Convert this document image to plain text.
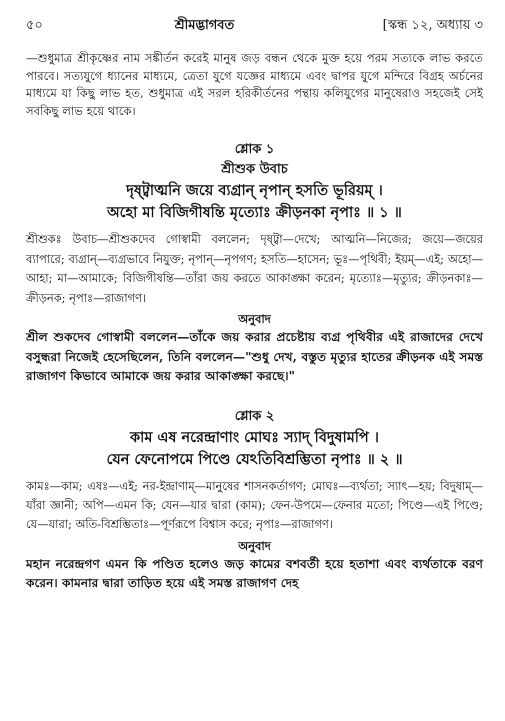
৫০	শ্রীমদ্ভাগবত	[স্কন্ধ ১২, অধ্যায় ৩

—শুধুমাত্র শ্রীকৃষ্ণের নাম সঙ্কীর্তন করেই মানুষ জড় বন্ধন থেকে মুক্ত হয়ে পরম সত্যকে লাভ করতে পারবে। সত্যযুগে ধ্যানের মাধ্যমে, ত্রেতা যুগে যজ্ঞের মাধ্যমে এবং দ্বাপর যুগে মন্দিরে বিগ্রহ অর্চনের মাধ্যমে যা কিছু লাভ হত, শুধুমাত্র এই সরল হরিকীর্তনের পন্থায় কলিযুগের মানুষেরাও সহজেই সেই সবকিছু লাভ হয়ে থাকে।

শ্লোক ১

শ্রীশুক উবাচ

দৃষ্ট্বাত্মনি জয়ে ব্যগ্রান্ নৃপান্ হসতি ভূরিয়ম্ ।

অহো মা বিজিগীষন্তি মৃত্যোঃ ক্রীড়নকা নৃপাঃ ॥ ১ ॥

শ্রীশুকঃ উবাচ—শ্রীশুকদেব গোস্বামী বললেন; দৃষ্ট্বা—দেখে; আত্মনি—নিজের; জয়ে—জয়ের ব্যাপারে; ব্যগ্রান্—ব্যগ্রভাবে নিযুক্ত; নৃপান্—নৃপগণ; হসতি—হাসেন; ভূঃ—পৃথিবী; ইয়ম্—এই; অহো—আহা; মা—আমাকে; বিজিগীষন্তি—তাঁরা জয় করতে আকাঙ্ক্ষা করেন; মৃত্যোঃ—মৃত্যুর; ক্রীড়নকাঃ—ক্রীড়নক; নৃপাঃ—রাজাগণ।

অনুবাদ

শ্রীল শুকদেব গোস্বামী বললেন—তাঁকে জয় করার প্রচেষ্টায় ব্যগ্র পৃথিবীর এই রাজাদের দেখে বসুন্ধরা নিজেই হেসেছিলেন, তিনি বললেন—"শুধু দেখ, বস্তুত মৃত্যুর হাতের ক্রীড়নক এই সমস্ত রাজাগণ কিভাবে আমাকে জয় করার আকাঙ্ক্ষা করছে।"

শ্লোক ২

কাম এষ নরেন্দ্রাণাং মোঘঃ স্যাদ্ বিদুষামপি ।

যেন ফেনোপমে পিণ্ডে যেঽতিবিশ্রম্ভিতা নৃপাঃ ॥ ২ ॥

কামঃ—কাম; এষঃ—এই; নর-ইন্দ্রাণাম্—মানুষের শাসনকর্তাগণ; মোঘঃ—ব্যর্থতা; স্যাৎ—হয়; বিদুষাম্—যাঁরা জ্ঞানী; অপি—এমন কি; যেন—যার দ্বারা (কাম); ফেন-উপমে—ফেনার মতো; পিণ্ডে—এই পিণ্ডে; যে—যারা; অতি-বিশ্রম্ভিতাঃ—পূর্ণরূপে বিশ্বাস করে; নৃপাঃ—রাজাগণ।

অনুবাদ

মহান নরেন্দ্রগণ এমন কি পণ্ডিত হলেও জড় কামের বশবর্তী হয়ে হতাশা এবং ব্যর্থতাকে বরণ করেন। কামনার দ্বারা তাড়িত হয়ে এই সমস্ত রাজাগণ দেহ
